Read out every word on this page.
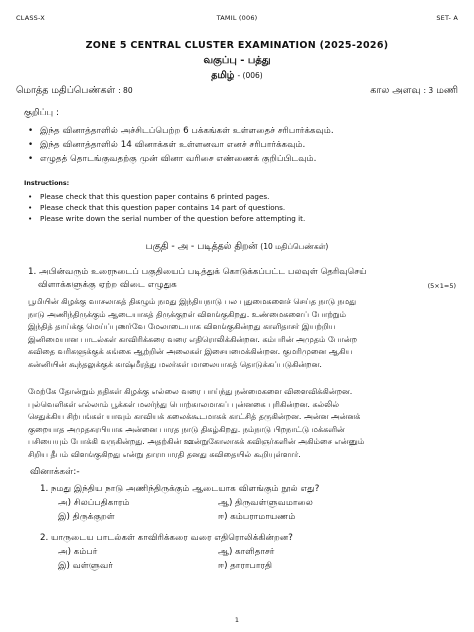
CLASS-X	TAMIL (006)	SET- A
ZONE 5 CENTRAL CLUSTER EXAMINATION (2025-2026)
வகுப்பு - பத்து
தமிழ் - (006)
மொத்த மதிப்பெண்கள் : 80	கால அளவு : 3 மணி
குறிப்பு :
• இந்த வினாத்தாளில் அச்சிடப்பெற்ற 6 பக்கங்கள் உள்ளதைச் சரிபார்க்கவும்.
• இந்த வினாத்தாளில் 14 வினாக்கள் உள்ளனவா எனச் சரிபார்க்கவும்.
• எழுதத் தொடங்குவதற்கு முன் வினா வரிசை எண்ணைக் குறிப்பிடவும்.
Instructions:
• Please check that this question paper contains 6 printed pages.
• Please check that this question paper contains 14 part of questions.
• Please write down the serial number of the question before attempting it.
பகுதி - அ - படித்தல் திறன் (10 மதிப்பெண்கள்)
1. அபின்வரும் உரைநடைப் பகுதியைப் படித்துக் கொடுக்கப்பட்ட பலவுள் தெரிவுசெய்
விளாக்களுக்கு ஏற்ற விடை எழுதுக	(5×1=5)
பூமியின் கிழக்கு வாசலாகத் திகழும் நமது இந்தியநாடு பல புதுமைகளைச் செய்த நாடு நமது
நாடு அணிந்திருக்கும் ஆடையாகத் திருக்குறள் விளங்குகிறது. உண்மைகளைப் போற்றும்
இந்தித் தாய்க்கு மெய்ப்புணர்வே மேலாடையாக விளங்குகின்றது காளிதாசர் இயற்றிய
இனிமையான பாடல்கள் காவிரிக்கரை வரை எதிரொலிக்கின்றன. கம்பரின் அமுதம் போன்ற
கவிதை வரிகளுக்குக் கங்கை ஆற்றின் அலைகள் இசையமைக்கின்றன. குமரிமுனை ஆகிய
கன்னியின் கூந்தலுக்குக் காஷ்மீரத்து மலர்கள் மாலையாகத் தொடுக்கப்படுகின்றன.
மேற்கே தோன்றும் நதிகள் கிழக்கு எல்லை வரை பாய்ந்து நன்மைகளை விளைவிக்கின்றன.
புல்வெளிகள் எல்லாம் பூக்கள் மலர்ந்து பொற்காலமாகப் புன்னகை புரிகின்றன. கல்லில்
செதுக்கிய சிற்பங்கள் யாவும் காவியக் கலைக்கூடமாகக் காட்சித் தருகின்றன. அன்ன அன்னக்
குறையாத அமுதசுரபியாக அன்னை பாரத நாடு திகழ்கிறது. நம்நாடு பிறநாட்டு மக்களின்
பசியையும் போக்கி வருகின்றது. அதற்கின் ஊன்றுகோலாகக் கவிஞர்களின் அகிம்சை என்னும்
சிறிய தீபம் விளங்குகிறது என்று தாராபாரதி தனது கவிதையில் கூறியுள்ளார்.
வினாக்கள்:-
1. நமது இந்திய நாடு அணிந்திருக்கும் ஆடையாக விளங்கும் நூல் எது?
அ) சிலப்பதிகாரம்	ஆ) திருவள்ளுவமாலை
இ) திருக்குறள்	ஈ) கம்பராமாயணம்
2. யாருடைய பாடல்கள் காவிரிக்கரை வரை எதிரொலிக்கின்றன?
அ) கம்பர்	ஆ) காளிதாசர்
இ) வள்ளுவர்	ஈ) தாராபாரதி
1
